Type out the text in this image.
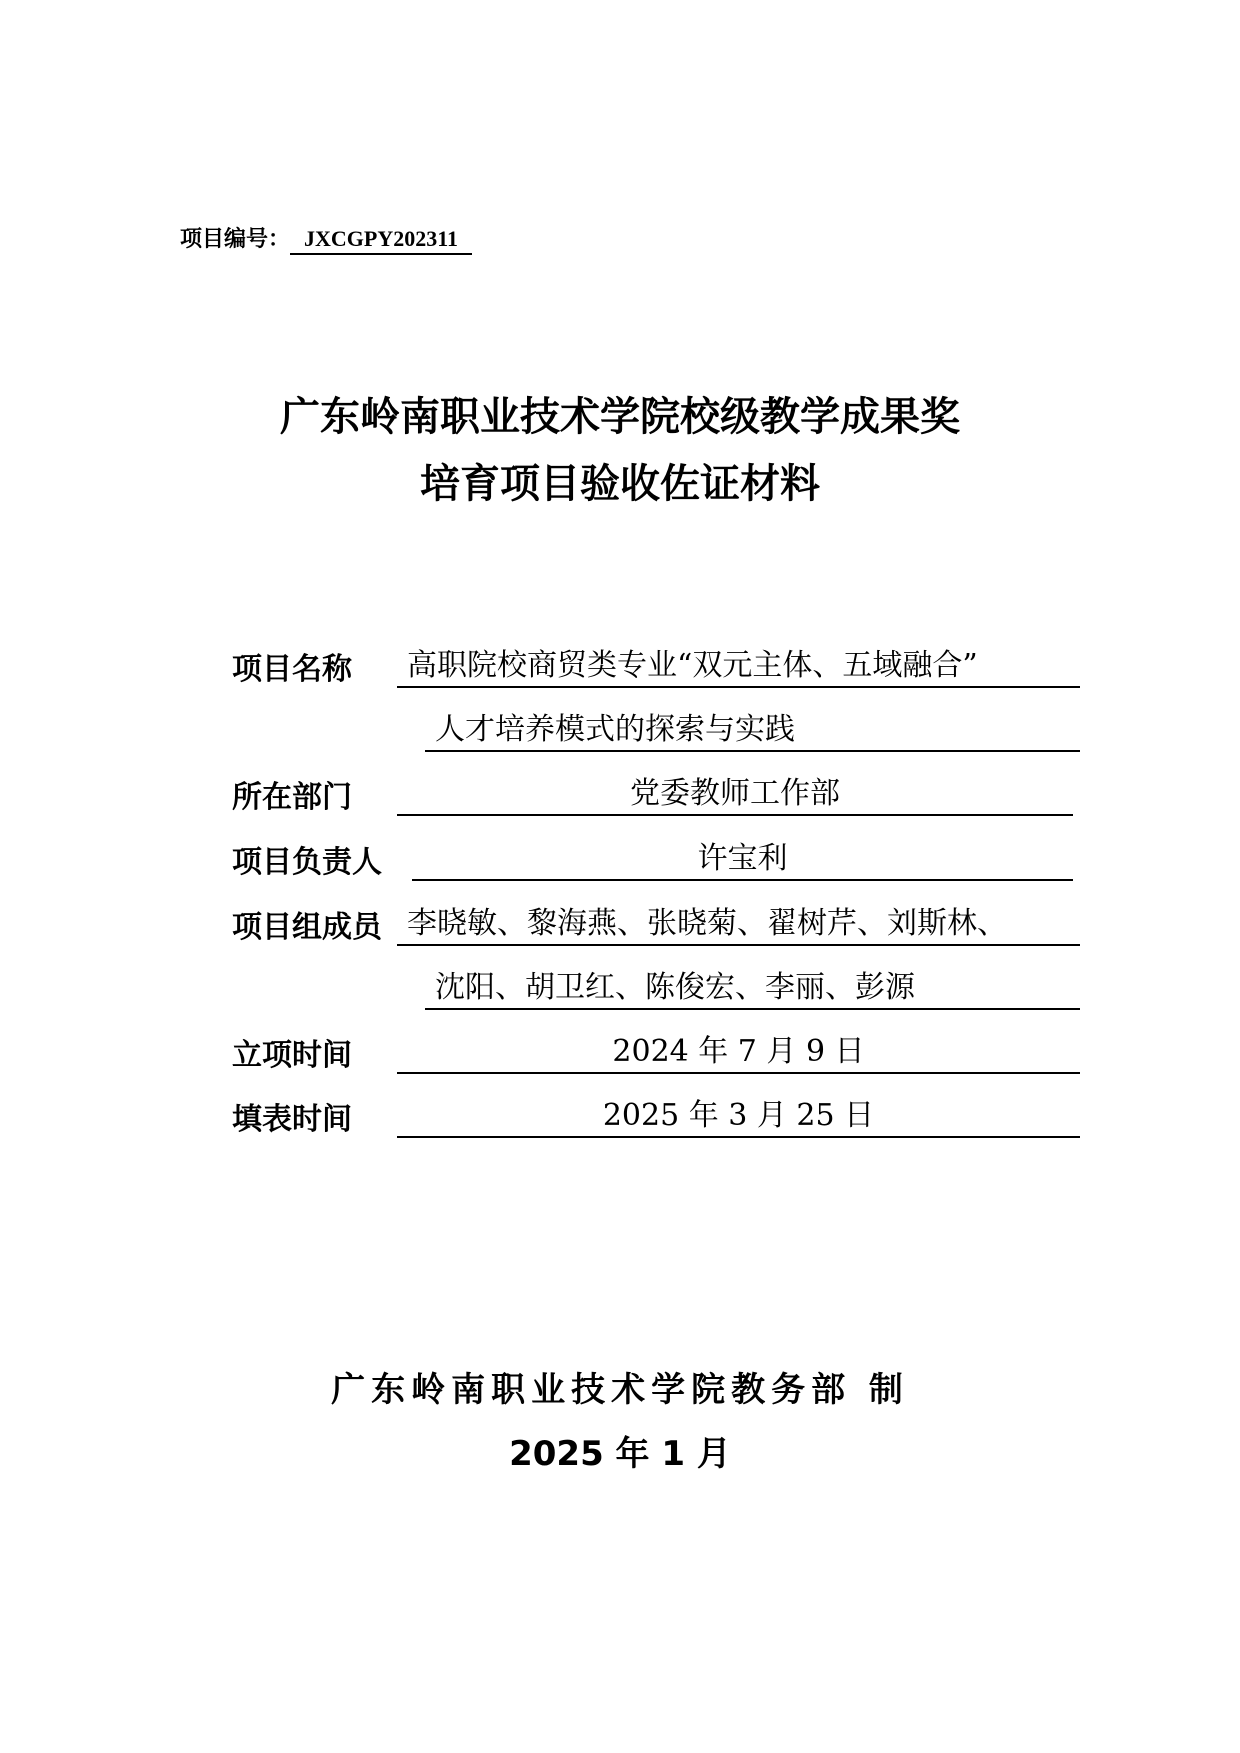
项目编号： JXCGPY202311
广东岭南职业技术学院校级教学成果奖
培育项目验收佐证材料
项目名称	高职院校商贸类专业“双元主体、五域融合”
人才培养模式的探索与实践
所在部门	党委教师工作部
项目负责人	许宝利
项目组成员 李晓敏、黎海燕、张晓菊、翟树芹、刘斯林、
沈阳、胡卫红、陈俊宏、李丽、彭源
立项时间	2024 年 7 月 9 日
填表时间	2025 年 3 月 25 日
广东岭南职业技术学院教务部 制
2025 年 1 月
